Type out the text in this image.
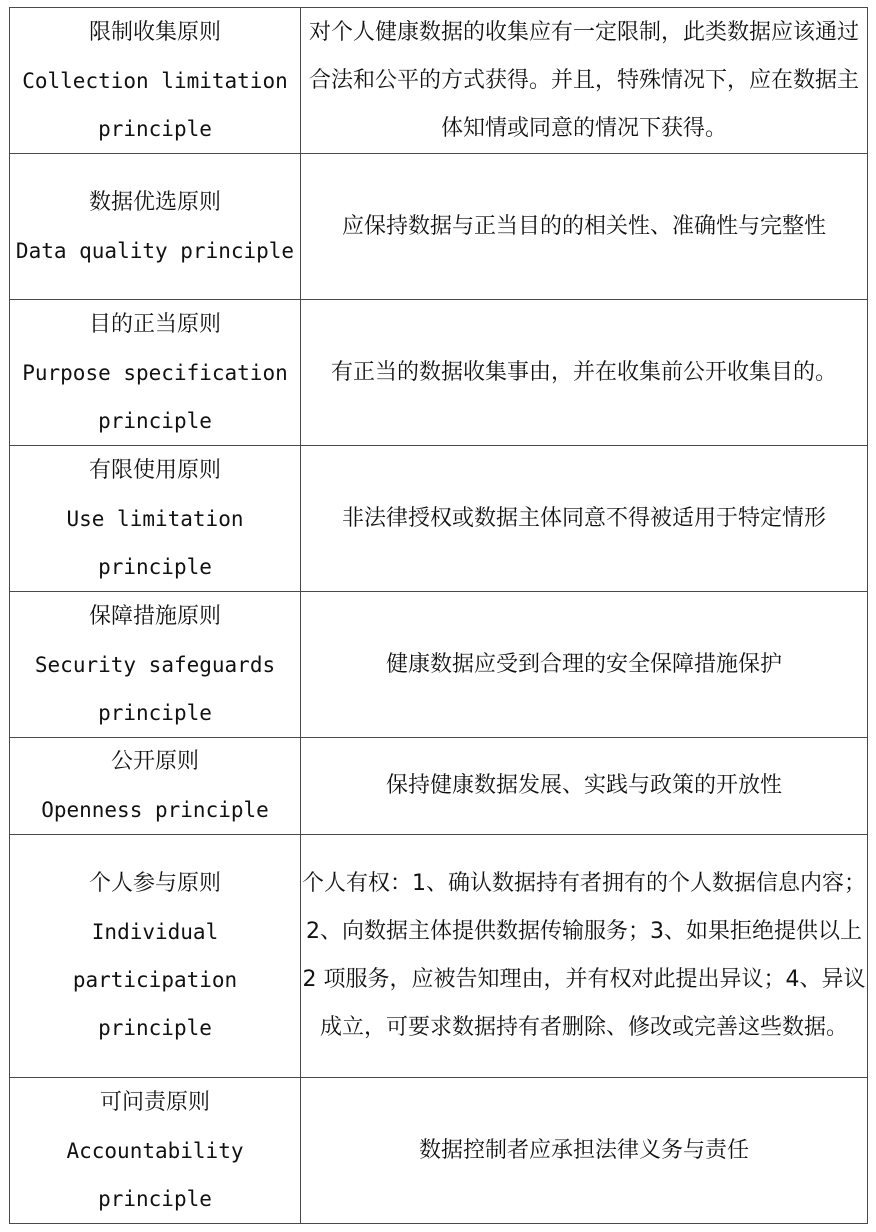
限制收集原则
Collection limitation principle	对个人健康数据的收集应有一定限制，此类数据应该通过合法和公平的方式获得。并且，特殊情况下，应在数据主体知情或同意的情况下获得。

数据优选原则
Data quality principle	应保持数据与正当目的的相关性、准确性与完整性

目的正当原则
Purpose specification principle	有正当的数据收集事由，并在收集前公开收集目的。

有限使用原则
Use limitation principle	非法律授权或数据主体同意不得被适用于特定情形

保障措施原则
Security safeguards principle	健康数据应受到合理的安全保障措施保护

公开原则
Openness principle	保持健康数据发展、实践与政策的开放性

个人参与原则
Individual participation principle	个人有权：1、确认数据持有者拥有的个人数据信息内容；2、向数据主体提供数据传输服务；3、如果拒绝提供以上 2 项服务，应被告知理由，并有权对此提出异议；4、异议成立，可要求数据持有者删除、修改或完善这些数据。

可问责原则
Accountability principle	数据控制者应承担法律义务与责任
